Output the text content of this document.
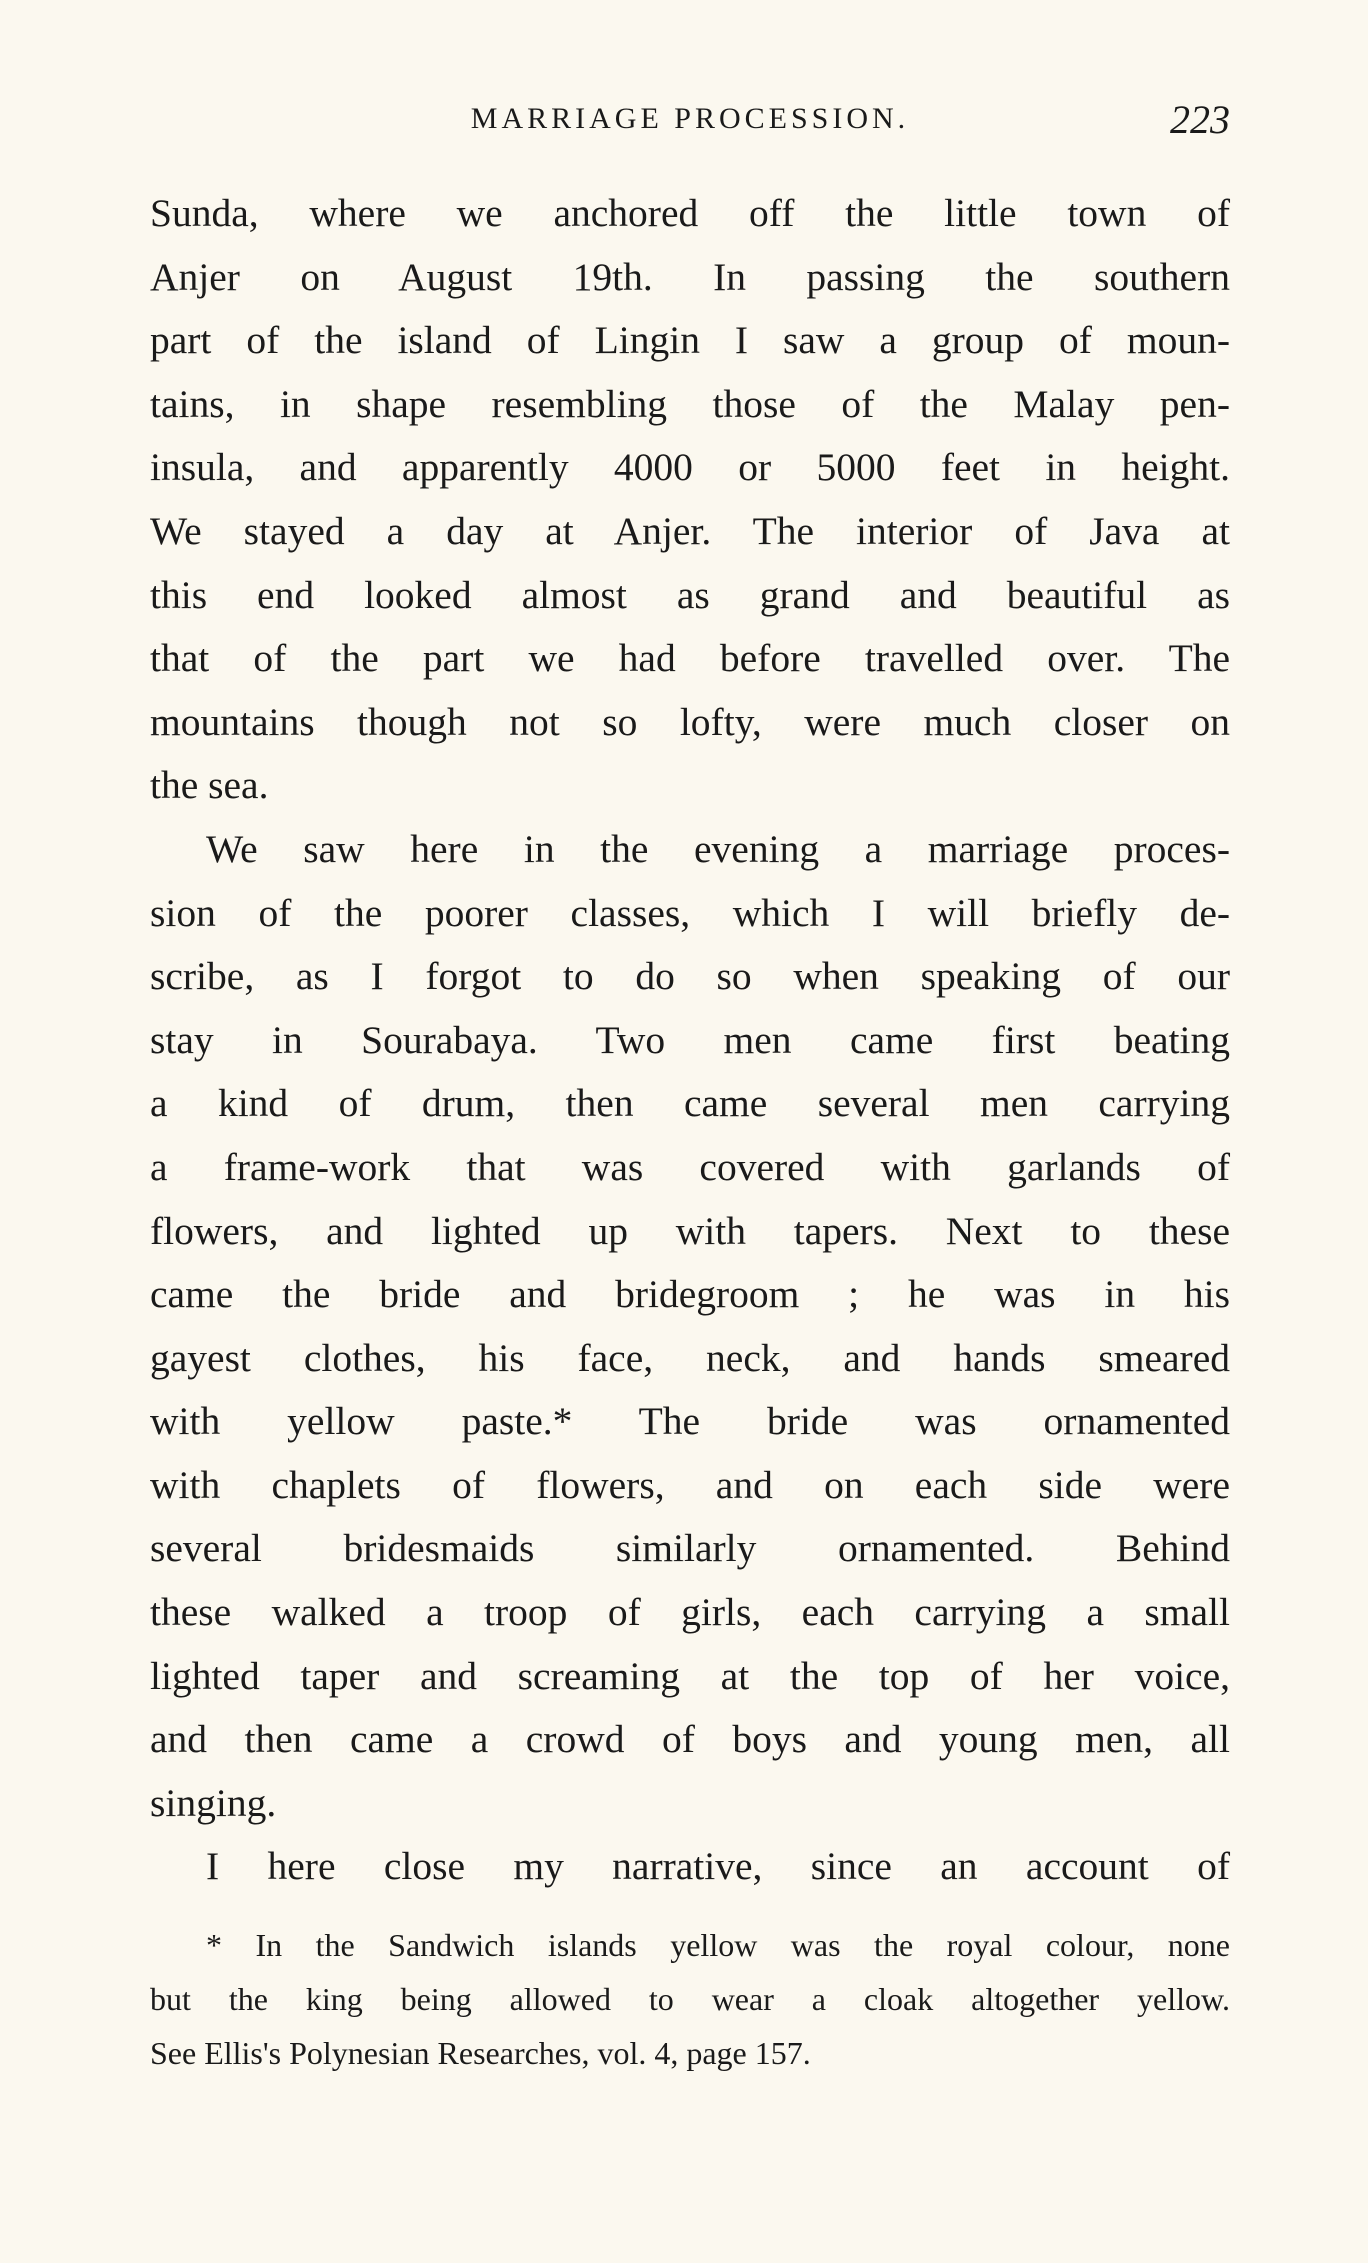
MARRIAGE PROCESSION.	223
Sunda, where we anchored off the little town of
Anjer on August 19th. In passing the southern
part of the island of Lingin I saw a group of moun-
tains, in shape resembling those of the Malay pen-
insula, and apparently 4000 or 5000 feet in height.
We stayed a day at Anjer. The interior of Java at
this end looked almost as grand and beautiful as
that of the part we had before travelled over. The
mountains though not so lofty, were much closer on
the sea.
We saw here in the evening a marriage proces-
sion of the poorer classes, which I will briefly de-
scribe, as I forgot to do so when speaking of our
stay in Sourabaya. Two men came first beating
a kind of drum, then came several men carrying
a frame-work that was covered with garlands of
flowers, and lighted up with tapers. Next to these
came the bride and bridegroom ; he was in his
gayest clothes, his face, neck, and hands smeared
with yellow paste.* The bride was ornamented
with chaplets of flowers, and on each side were
several bridesmaids similarly ornamented. Behind
these walked a troop of girls, each carrying a small
lighted taper and screaming at the top of her voice,
and then came a crowd of boys and young men, all
singing.
I here close my narrative, since an account of
* In the Sandwich islands yellow was the royal colour, none
but the king being allowed to wear a cloak altogether yellow.
See Ellis's Polynesian Researches, vol. 4, page 157.
